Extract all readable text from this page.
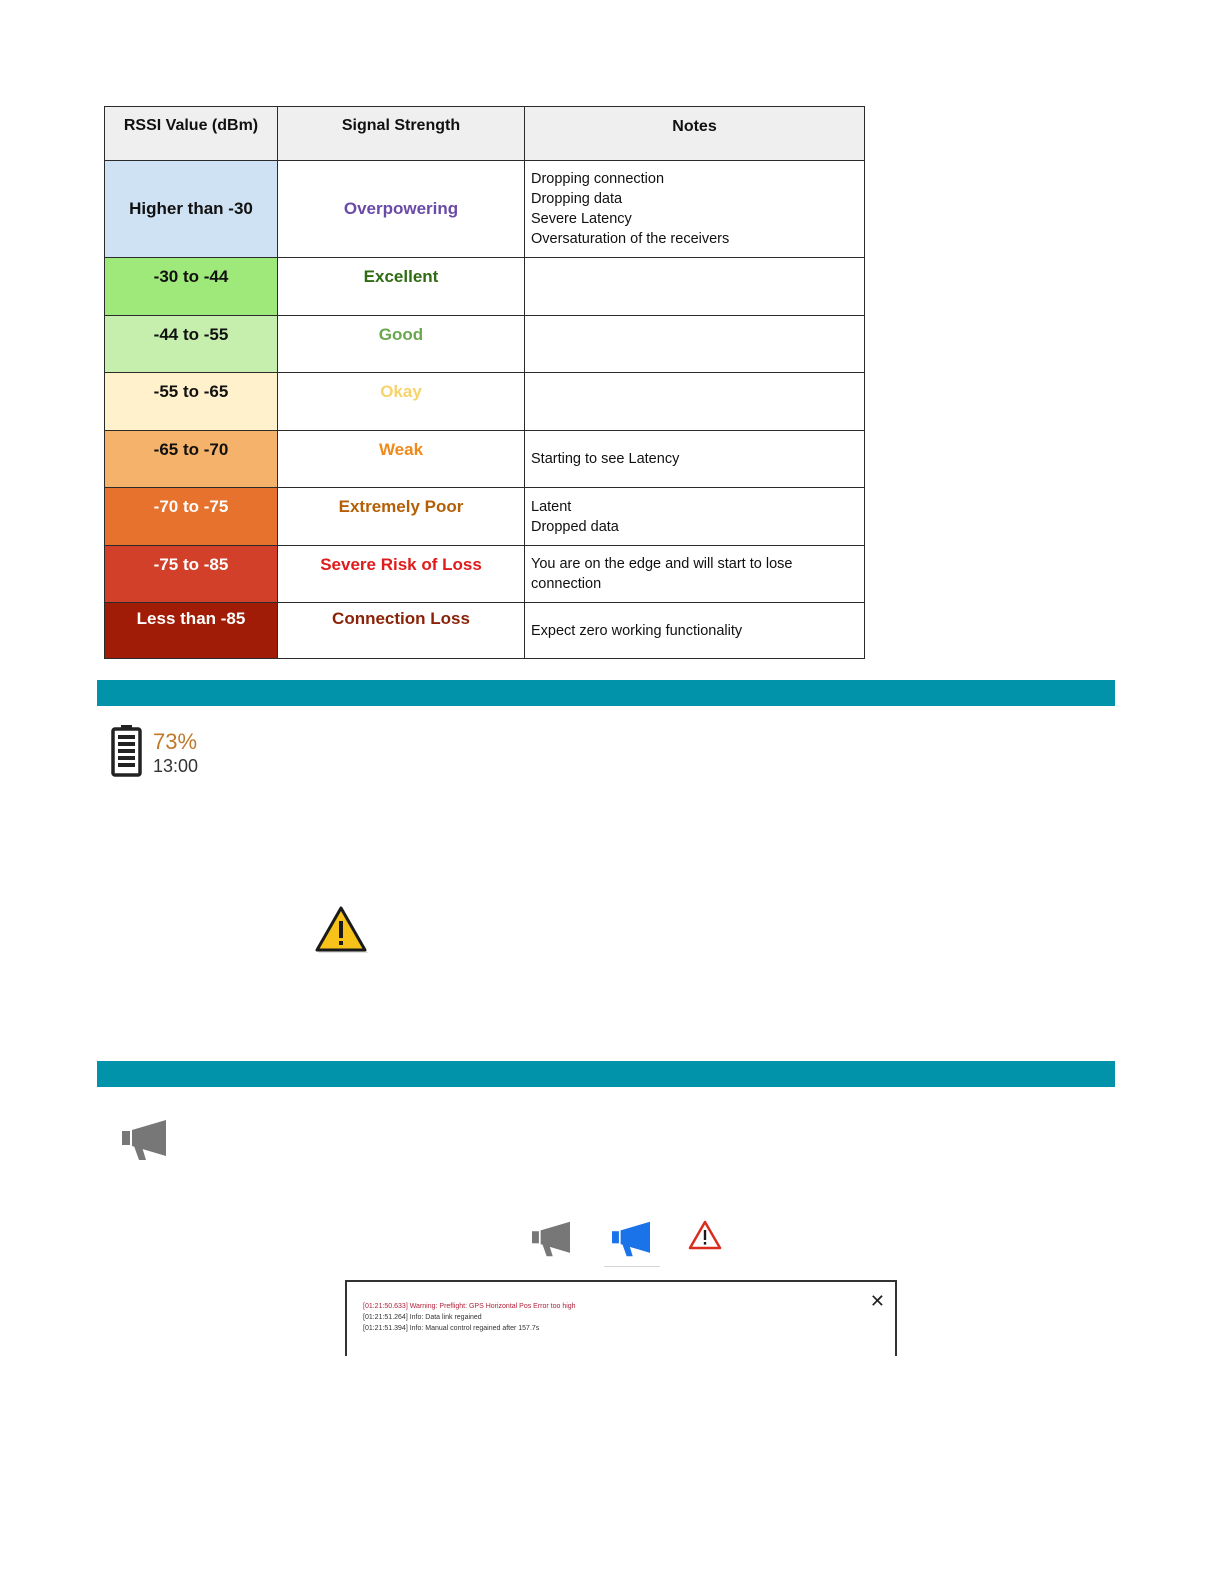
RSSI Value (dBm)	Signal Strength	Notes
Higher than -30	Overpowering	Dropping connection
Dropping data
Severe Latency
Oversaturation of the receivers

-30 to -44	Excellent	
-44 to -55	Good	
-55 to -65	Okay	
-65 to -70	Weak	Starting to see Latency

-70 to -75	Extremely Poor	Latent
Dropped data

-75 to -85	Severe Risk of Loss	You are on the edge and will start to lose connection

Less than -85	Connection Loss	Expect zero working functionality
73%
13:00
✕
[01:21:50.633] Warning: Preflight: GPS Horizontal Pos Error too high
[01:21:51.264] Info: Data link regained
[01:21:51.394] Info: Manual control regained after 157.7s
